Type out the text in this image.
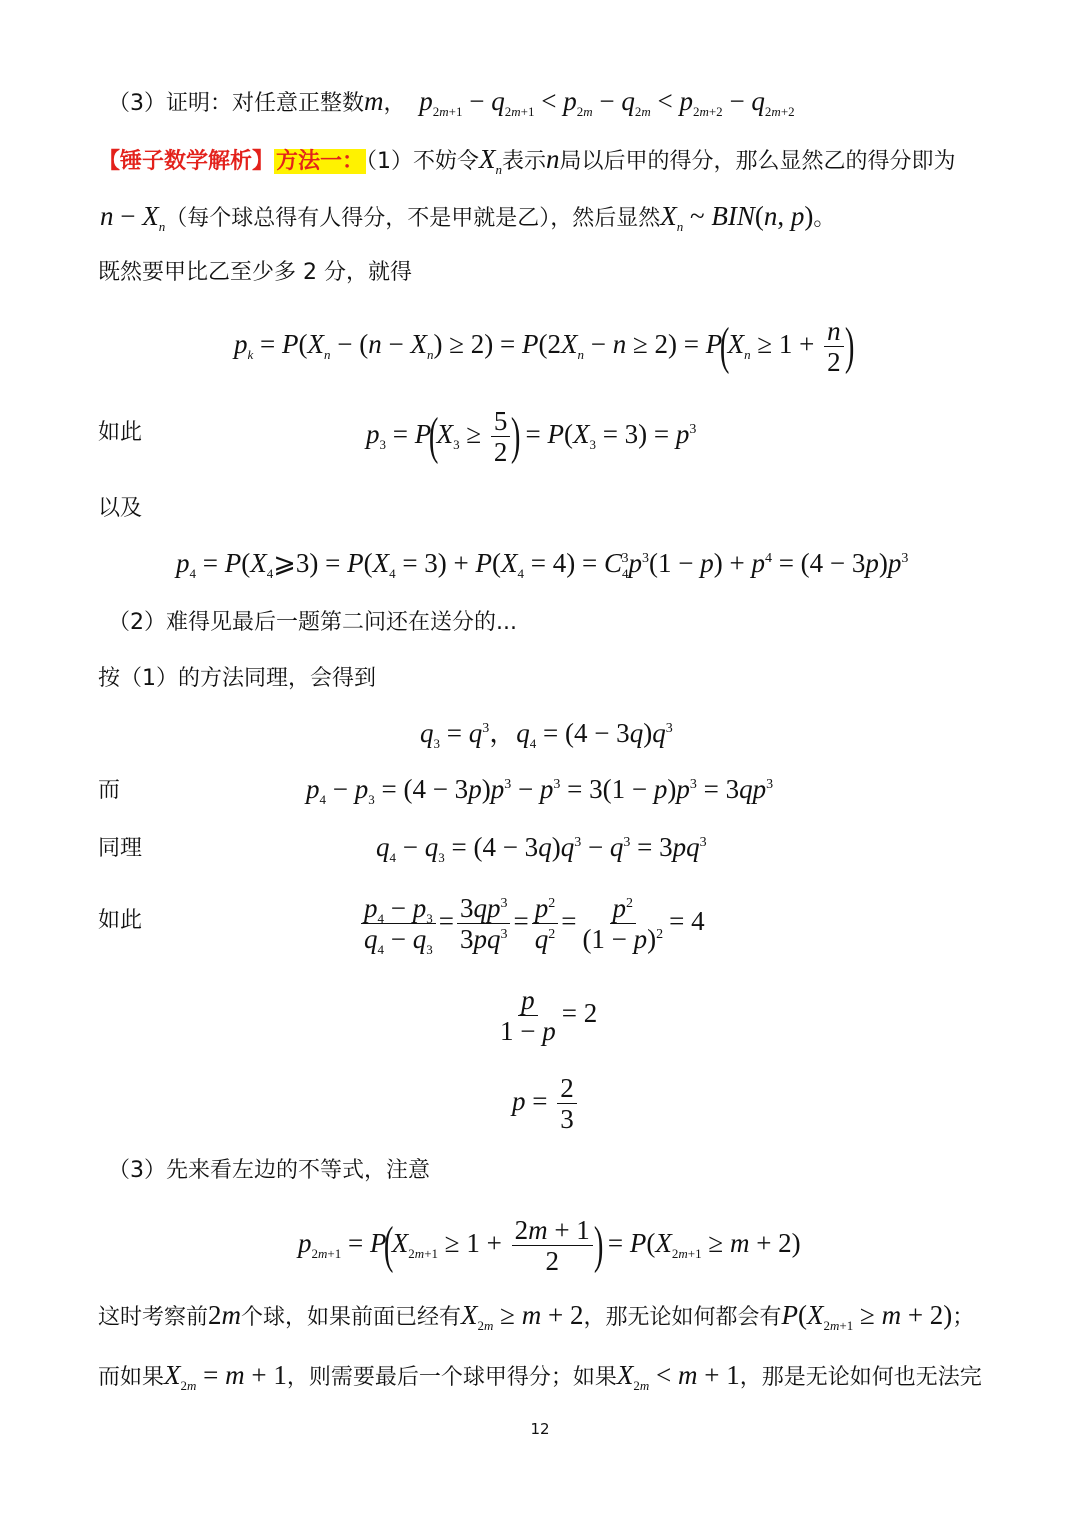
（3）证明：对任意正整数m， $p_{2m+1} - q_{2m+1} < p_{2m} - q_{2m} < p_{2m+2} - q_{2m+2}$
【锤子数学解析】方法一：（1）不妨令$X_n$表示n局以后甲的得分，那么显然乙的得分即为
$n - X_n$（每个球总得有人得分，不是甲就是乙），然后显然$X_n$ ~ BIN(n, p)。
既然要甲比乙至少多 2 分，就得
$p_k = P(X_n - (n - X_n) \ge 2) = P(2X_n - n \ge 2) = P(X_n \ge 1 + \frac{n}{2}$ )
如此	$p_3 = P(X_3 \ge \frac{5}{2}$ ) = $P(X_3 = 3) = p^3$
以及
$p_4$ = $P(X_4⩾3) = P(X_4 = 3) + P(X_4 = 4) = C_4^3p^3(1 - p) + p^4 = (4 - 3p)p^3$
（2）难得见最后一题第二问还在送分的...
按（1）的方法同理，会得到
$q_3 = q^3$，$q_4 = (4 - 3q)q^3$
而	$p_4 - p_3 = (4 - 3p)p^3 - p^3 = 3(1 - p)p^3 = 3qp^3$
同理	$q_4 - q_3 = (4 - 3q)q^3 - q^3 = 3pq^3$
如此	$\frac{p_4 - p_3}{q_4 - q_3} = \frac{3qp^3}{3pq^3} = \frac{p^2}{q^2} = \frac{p^2}{(1 - p)^2} = 4$
$\frac{p}{1 - p} = 2$
$p = \frac{2}{3}$
（3）先来看左边的不等式，注意
$p_{2m+1} = P(X_{2m+1} \ge 1 + \frac{2m + 1}{2}$ ) = $P(X_{2m+1} \ge m + 2)$
这时考察前2m个球，如果前面已经有$X_{2m} \ge m + 2$，那无论如何都会有$P(X_{2m+1} \ge m + 2)$；
而如果$X_{2m} = m + 1$，则需要最后一个球甲得分；如果$X_{2m} < m + 1$，那是无论如何也无法完
12
